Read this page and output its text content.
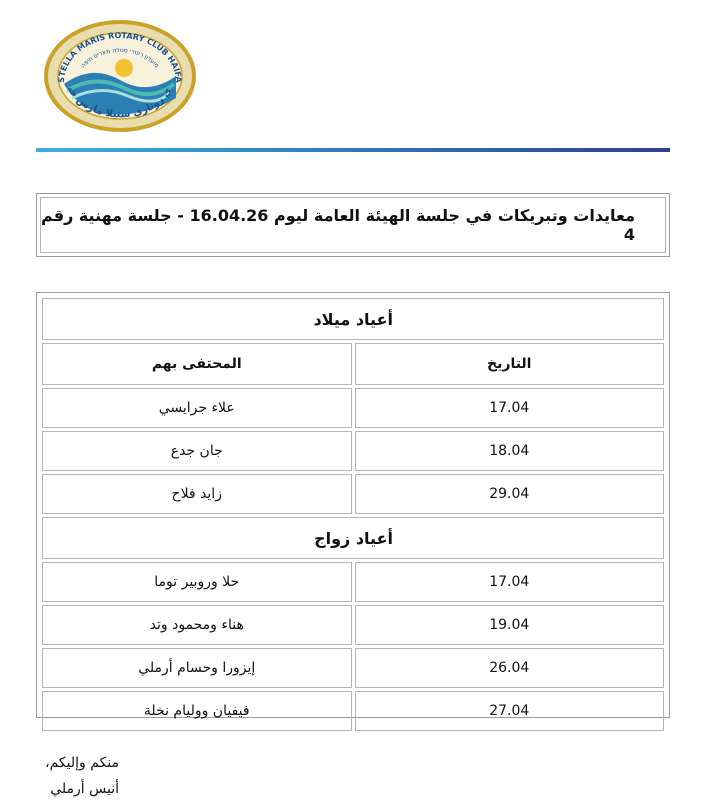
STELLA MARIS ROTARY CLUB HAIFA
מועדון רוטרי סטלה מאריס חיפה
ي روتاري ستيلا مارس حي
معايدات وتبريكات في جلسة الهيئة العامة ليوم 16.04.26 - جلسة مهنية رقم 4
أعياد ميلاد	
التاريخ	المحتفى بهم
17.04	علاء جرايسي
18.04	جان جدع
29.04	زايد فلاح
أعياد زواج	
17.04	حلا وروبير توما
19.04	هناء ومحمود وتد
26.04	إيزورا وحسام أرملي
27.04	فيفيان ووليام نخلة
منكم وإليكم،
أنيس أرملي
